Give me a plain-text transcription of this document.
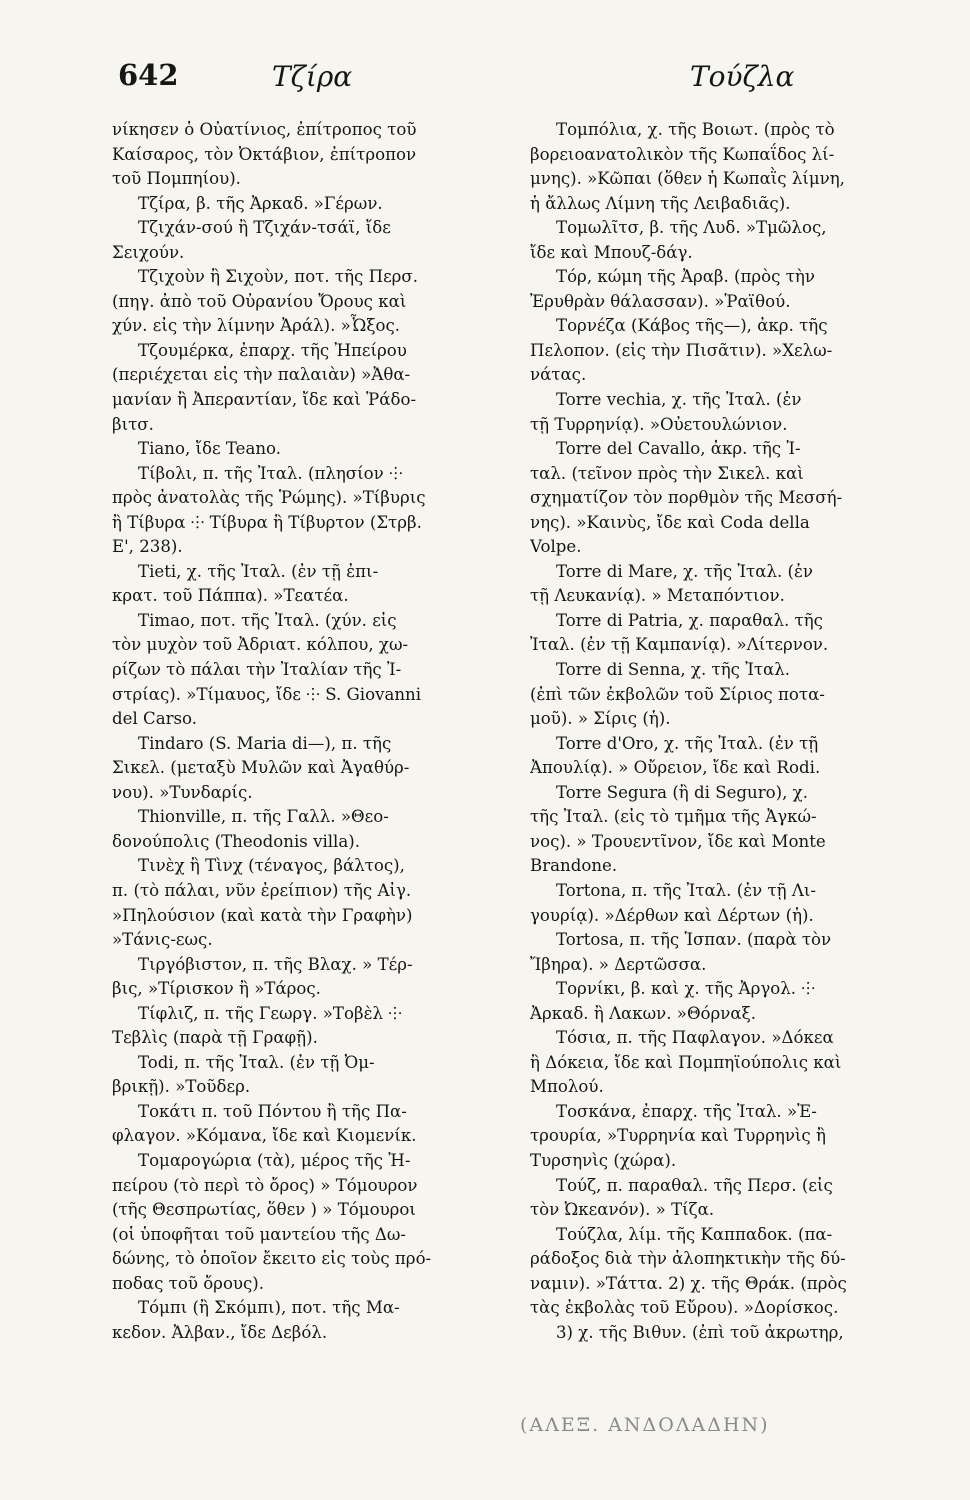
642	Τζίρα	Τούζλα
νίκησεν ὁ Οὐατίνιος, ἐπίτροπος τοῦ
Καίσαρος, τὸν Ὀκτάβιον, ἐπίτροπον
τοῦ Πομπηίου).
Τζίρα, β. τῆς Ἀρκαδ. »Γέρων.
Τζιχάν-σού ἢ Τζιχάν-τσάϊ, ἴδε
Σειχούν.
Τζιχοὺν ἢ Σιχοὺν, ποτ. τῆς Περσ.
(πηγ. ἀπὸ τοῦ Οὐρανίου Ὄρους καὶ
χύν. εἰς τὴν λίμνην Ἀράλ). »Ὦξος.
Τζουμέρκα, ἐπαρχ. τῆς Ἠπείρου
(περιέχεται εἰς τὴν παλαιὰν) »Ἀθα-
μανίαν ἢ Ἀπεραντίαν, ἴδε καὶ Ῥάδο-
βιτσ.
Tiano, ἴδε Teano.
Τίβολι, π. τῆς Ἰταλ. (πλησίον ⸭
πρὸς ἀνατολὰς τῆς Ῥώμης). »Τίβυρις
ἢ Τίβυρα ⸭ Τίβυρα ἢ Τίβυρτον (Στρβ.
Ε', 238).
Tieti, χ. τῆς Ἰταλ. (ἐν τῇ ἐπι-
κρατ. τοῦ Πάππα). »Τεατέα.
Timao, ποτ. τῆς Ἰταλ. (χύν. εἰς
τὸν μυχὸν τοῦ Ἀδριατ. κόλπου, χω-
ρίζων τὸ πάλαι τὴν Ἰταλίαν τῆς Ἰ-
στρίας). »Τίμαυος, ἴδε ⸭ S. Giovanni
del Carso.
Tindaro (S. Maria di—), π. τῆς
Σικελ. (μεταξὺ Μυλῶν καὶ Ἀγαθύρ-
νου). »Τυνδαρίς.
Thionville, π. τῆς Γαλλ. »Θεο-
δονούπολις (Theodonis villa).
Τινὲχ ἢ Τὶνχ (τέναγος, βάλτος),
π. (τὸ πάλαι, νῦν ἐρείπιον) τῆς Αἰγ.
»Πηλούσιον (καὶ κατὰ τὴν Γραφὴν)
»Τάνις-εως.
Τιργόβιστον, π. τῆς Βλαχ. » Τέρ-
βις, »Τίρισκον ἢ »Τάρος.
Τίφλιζ, π. τῆς Γεωργ. »Τοβὲλ ⸭
Τεβλὶς (παρὰ τῇ Γραφῇ).
Todi, π. τῆς Ἰταλ. (ἐν τῇ Ὀμ-
βρικῇ). »Τοῦδερ.
Τοκάτι π. τοῦ Πόντου ἢ τῆς Πα-
φλαγον. »Κόμανα, ἴδε καὶ Κιομενίκ.
Τομαρογώρια (τὰ), μέρος τῆς Ἠ-
πείρου (τὸ περὶ τὸ ὄρος) » Τόμουρον
(τῆς Θεσπρωτίας, ὅθεν ) » Τόμουροι
(οἱ ὑποφῆται τοῦ μαντείου τῆς Δω-
δώνης, τὸ ὁποῖον ἔκειτο εἰς τοὺς πρό-
ποδας τοῦ ὄρους).
Τόμπι (ἢ Σκόμπι), ποτ. τῆς Μα-
κεδον. Ἀλβαν., ἴδε Δεβόλ.
Τομπόλια, χ. τῆς Βοιωτ. (πρὸς τὸ
βορειοανατολικὸν τῆς Κωπαΐδος λί-
μνης). »Κῶπαι (ὅθεν ἡ Κωπαῒς λίμνη,
ἡ ἄλλως Λίμνη τῆς Λειβαδιᾶς).
Τομωλῖτσ, β. τῆς Λυδ. »Τμῶλος,
ἴδε καὶ Μπουζ-δάγ.
Τόρ, κώμη τῆς Ἀραβ. (πρὸς τὴν
Ἐρυθρὰν θάλασσαν). »Ῥαϊθού.
Τορνέζα (Κάβος τῆς—), ἀκρ. τῆς
Πελοπον. (εἰς τὴν Πισᾶτιν). »Χελω-
νάτας.
Torre vechia, χ. τῆς Ἰταλ. (ἐν
τῇ Τυρρηνίᾳ). »Οὐετουλώνιον.
Torre del Cavallo, ἀκρ. τῆς Ἰ-
ταλ. (τεῖνον πρὸς τὴν Σικελ. καὶ
σχηματίζον τὸν πορθμὸν τῆς Μεσσή-
νης). »Καινὺς, ἴδε καὶ Coda della
Volpe.
Torre di Mare, χ. τῆς Ἰταλ. (ἐν
τῇ Λευκανίᾳ). » Μεταπόντιον.
Torre di Patria, χ. παραθαλ. τῆς
Ἰταλ. (ἐν τῇ Καμπανίᾳ). »Λίτερνον.
Torre di Senna, χ. τῆς Ἰταλ.
(ἐπὶ τῶν ἐκβολῶν τοῦ Σίριος ποτα-
μοῦ). » Σίρις (ἡ).
Torre d'Oro, χ. τῆς Ἰταλ. (ἐν τῇ
Ἀπουλίᾳ). » Οὔρειον, ἴδε καὶ Rodi.
Torre Segura (ἢ di Seguro), χ.
τῆς Ἰταλ. (εἰς τὸ τμῆμα τῆς Ἀγκώ-
νος). » Τρουεντῖνον, ἴδε καὶ Monte
Brandone.
Tortona, π. τῆς Ἰταλ. (ἐν τῇ Λι-
γουρίᾳ). »Δέρθων καὶ Δέρτων (ἡ).
Tortosa, π. τῆς Ἱσπαν. (παρὰ τὸν
Ἴβηρα). » Δερτῶσσα.
Τορνίκι, β. καὶ χ. τῆς Ἀργολ. ⸭
Ἀρκαδ. ἢ Λακων. »Θόρναξ.
Τόσια, π. τῆς Παφλαγον. »Δόκεα
ἢ Δόκεια, ἴδε καὶ Πομπηϊούπολις καὶ
Μπολού.
Τοσκάνα, ἐπαρχ. τῆς Ἰταλ. »Ἐ-
τρουρία, »Τυρρηνία καὶ Τυρρηνὶς ἢ
Τυρσηνὶς (χώρα).
Τούζ, π. παραθαλ. τῆς Περσ. (εἰς
τὸν Ὠκεανόν). » Τίζα.
Τούζλα, λίμ. τῆς Καππαδοκ. (πα-
ράδοξος διὰ τὴν ἀλοπηκτικὴν τῆς δύ-
ναμιν). »Τάττα. 2) χ. τῆς Θράκ. (πρὸς
τὰς ἐκβολὰς τοῦ Εὔρου). »Δορίσκος.
3) χ. τῆς Βιθυν. (ἐπὶ τοῦ ἀκρωτηρ,
(ΑΛΕΞ. ΑΝΔΟΛΑΔΗΝ)
